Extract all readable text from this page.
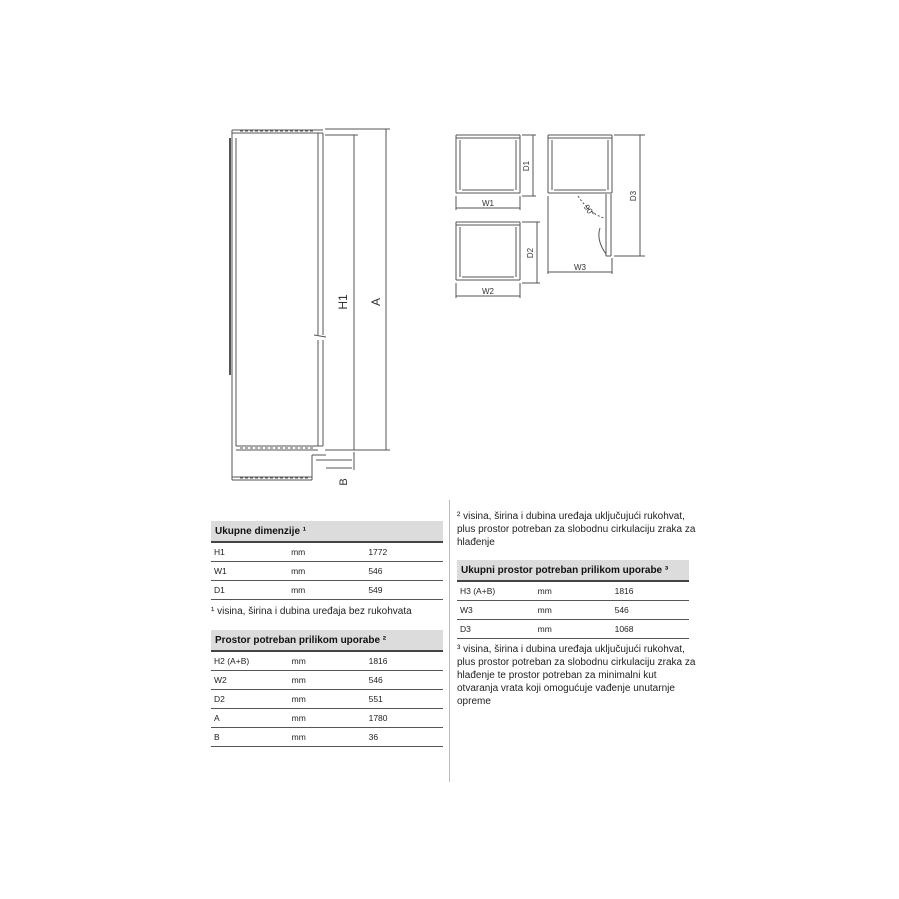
H1 A
B
W1
D1
W2
D2
W3
D3
90°
Ukupne dimenzije ¹		
H1	mm	1772
W1	mm	546
D1	mm	549

¹ visina, širina i dubina uređaja bez rukohvata

Prostor potreban prilikom uporabe ²		
H2 (A+B)	mm	1816
W2	mm	546
D2	mm	551
A	mm	1780
B	mm	36

² visina, širina i dubina uređaja uključujući rukohvat, plus prostor potreban za slobodnu cirkulaciju zraka za hlađenje

Ukupni prostor potreban prilikom uporabe ³		
H3 (A+B)	mm	1816
W3	mm	546
D3	mm	1068

³ visina, širina i dubina uređaja uključujući rukohvat, plus prostor potreban za slobodnu cirkulaciju zraka za hlađenje te prostor potreban za minimalni kut otvaranja vrata koji omogućuje vađenje unutarnje opreme
